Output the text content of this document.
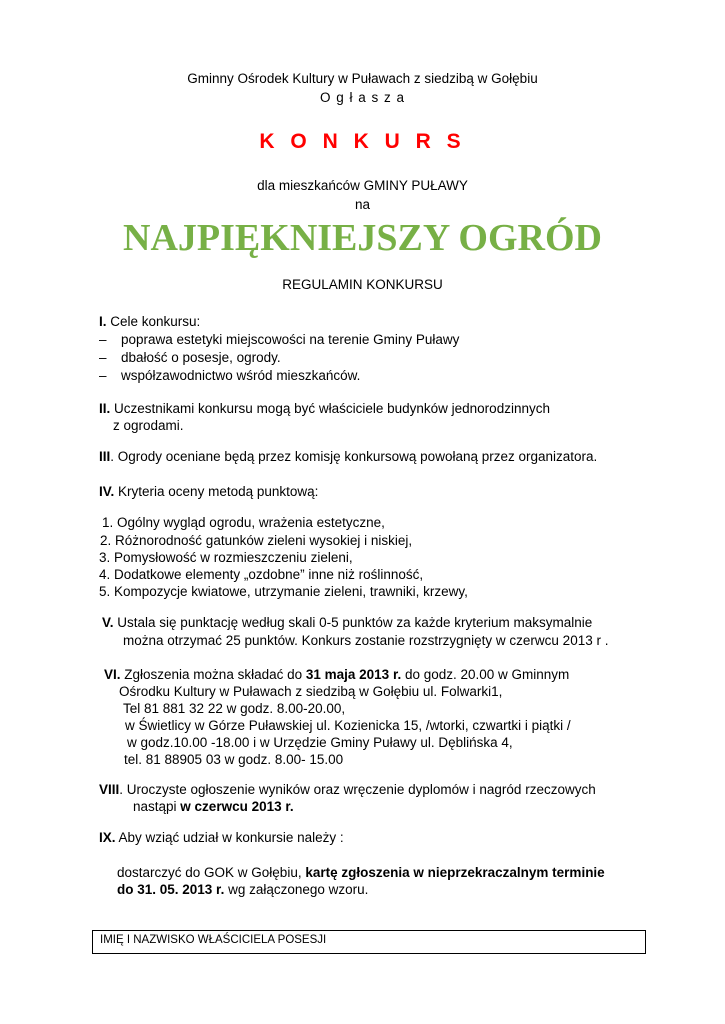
Gminny Ośrodek Kultury w Puławach z siedzibą w Gołębiu
O g ł a s z a
K O N K U R S
dla mieszkańców GMINY PUŁAWY
na
NAJPIĘKNIEJSZY OGRÓD
REGULAMIN KONKURSU
I. Cele konkursu:
– poprawa estetyki miejscowości na terenie Gminy Puławy
– dbałość o posesje, ogrody.
– współzawodnictwo wśród mieszkańców.
II. Uczestnikami konkursu mogą być właściciele budynków jednorodzinnych
z ogrodami.
III. Ogrody oceniane będą przez komisję konkursową powołaną przez organizatora.
IV. Kryteria oceny metodą punktową:
1. Ogólny wygląd ogrodu, wrażenia estetyczne,
2. Różnorodność gatunków zieleni wysokiej i niskiej,
3. Pomysłowość w rozmieszczeniu zieleni,
4. Dodatkowe elementy „ozdobne” inne niż roślinność,
5. Kompozycje kwiatowe, utrzymanie zieleni, trawniki, krzewy,
V. Ustala się punktację według skali 0-5 punktów za każde kryterium maksymalnie
można otrzymać 25 punktów. Konkurs zostanie rozstrzygnięty w czerwcu 2013 r .
VI. Zgłoszenia można składać do 31 maja 2013 r. do godz. 20.00 w Gminnym
Ośrodku Kultury w Puławach z siedzibą w Gołębiu ul. Folwarki1,
Tel 81 881 32 22 w godz. 8.00-20.00,
w Świetlicy w Górze Puławskiej ul. Kozienicka 15, /wtorki, czwartki i piątki /
w godz.10.00 -18.00 i w Urzędzie Gminy Puławy ul. Dęblińska 4,
tel. 81 88905 03 w godz. 8.00- 15.00
VIII. Uroczyste ogłoszenie wyników oraz wręczenie dyplomów i nagród rzeczowych
nastąpi w czerwcu 2013 r.
IX. Aby wziąć udział w konkursie należy :
dostarczyć do GOK w Gołębiu, kartę zgłoszenia w nieprzekraczalnym terminie
do 31. 05. 2013 r. wg załączonego wzoru.
IMIĘ I NAZWISKO WŁAŚCICIELA POSESJI
